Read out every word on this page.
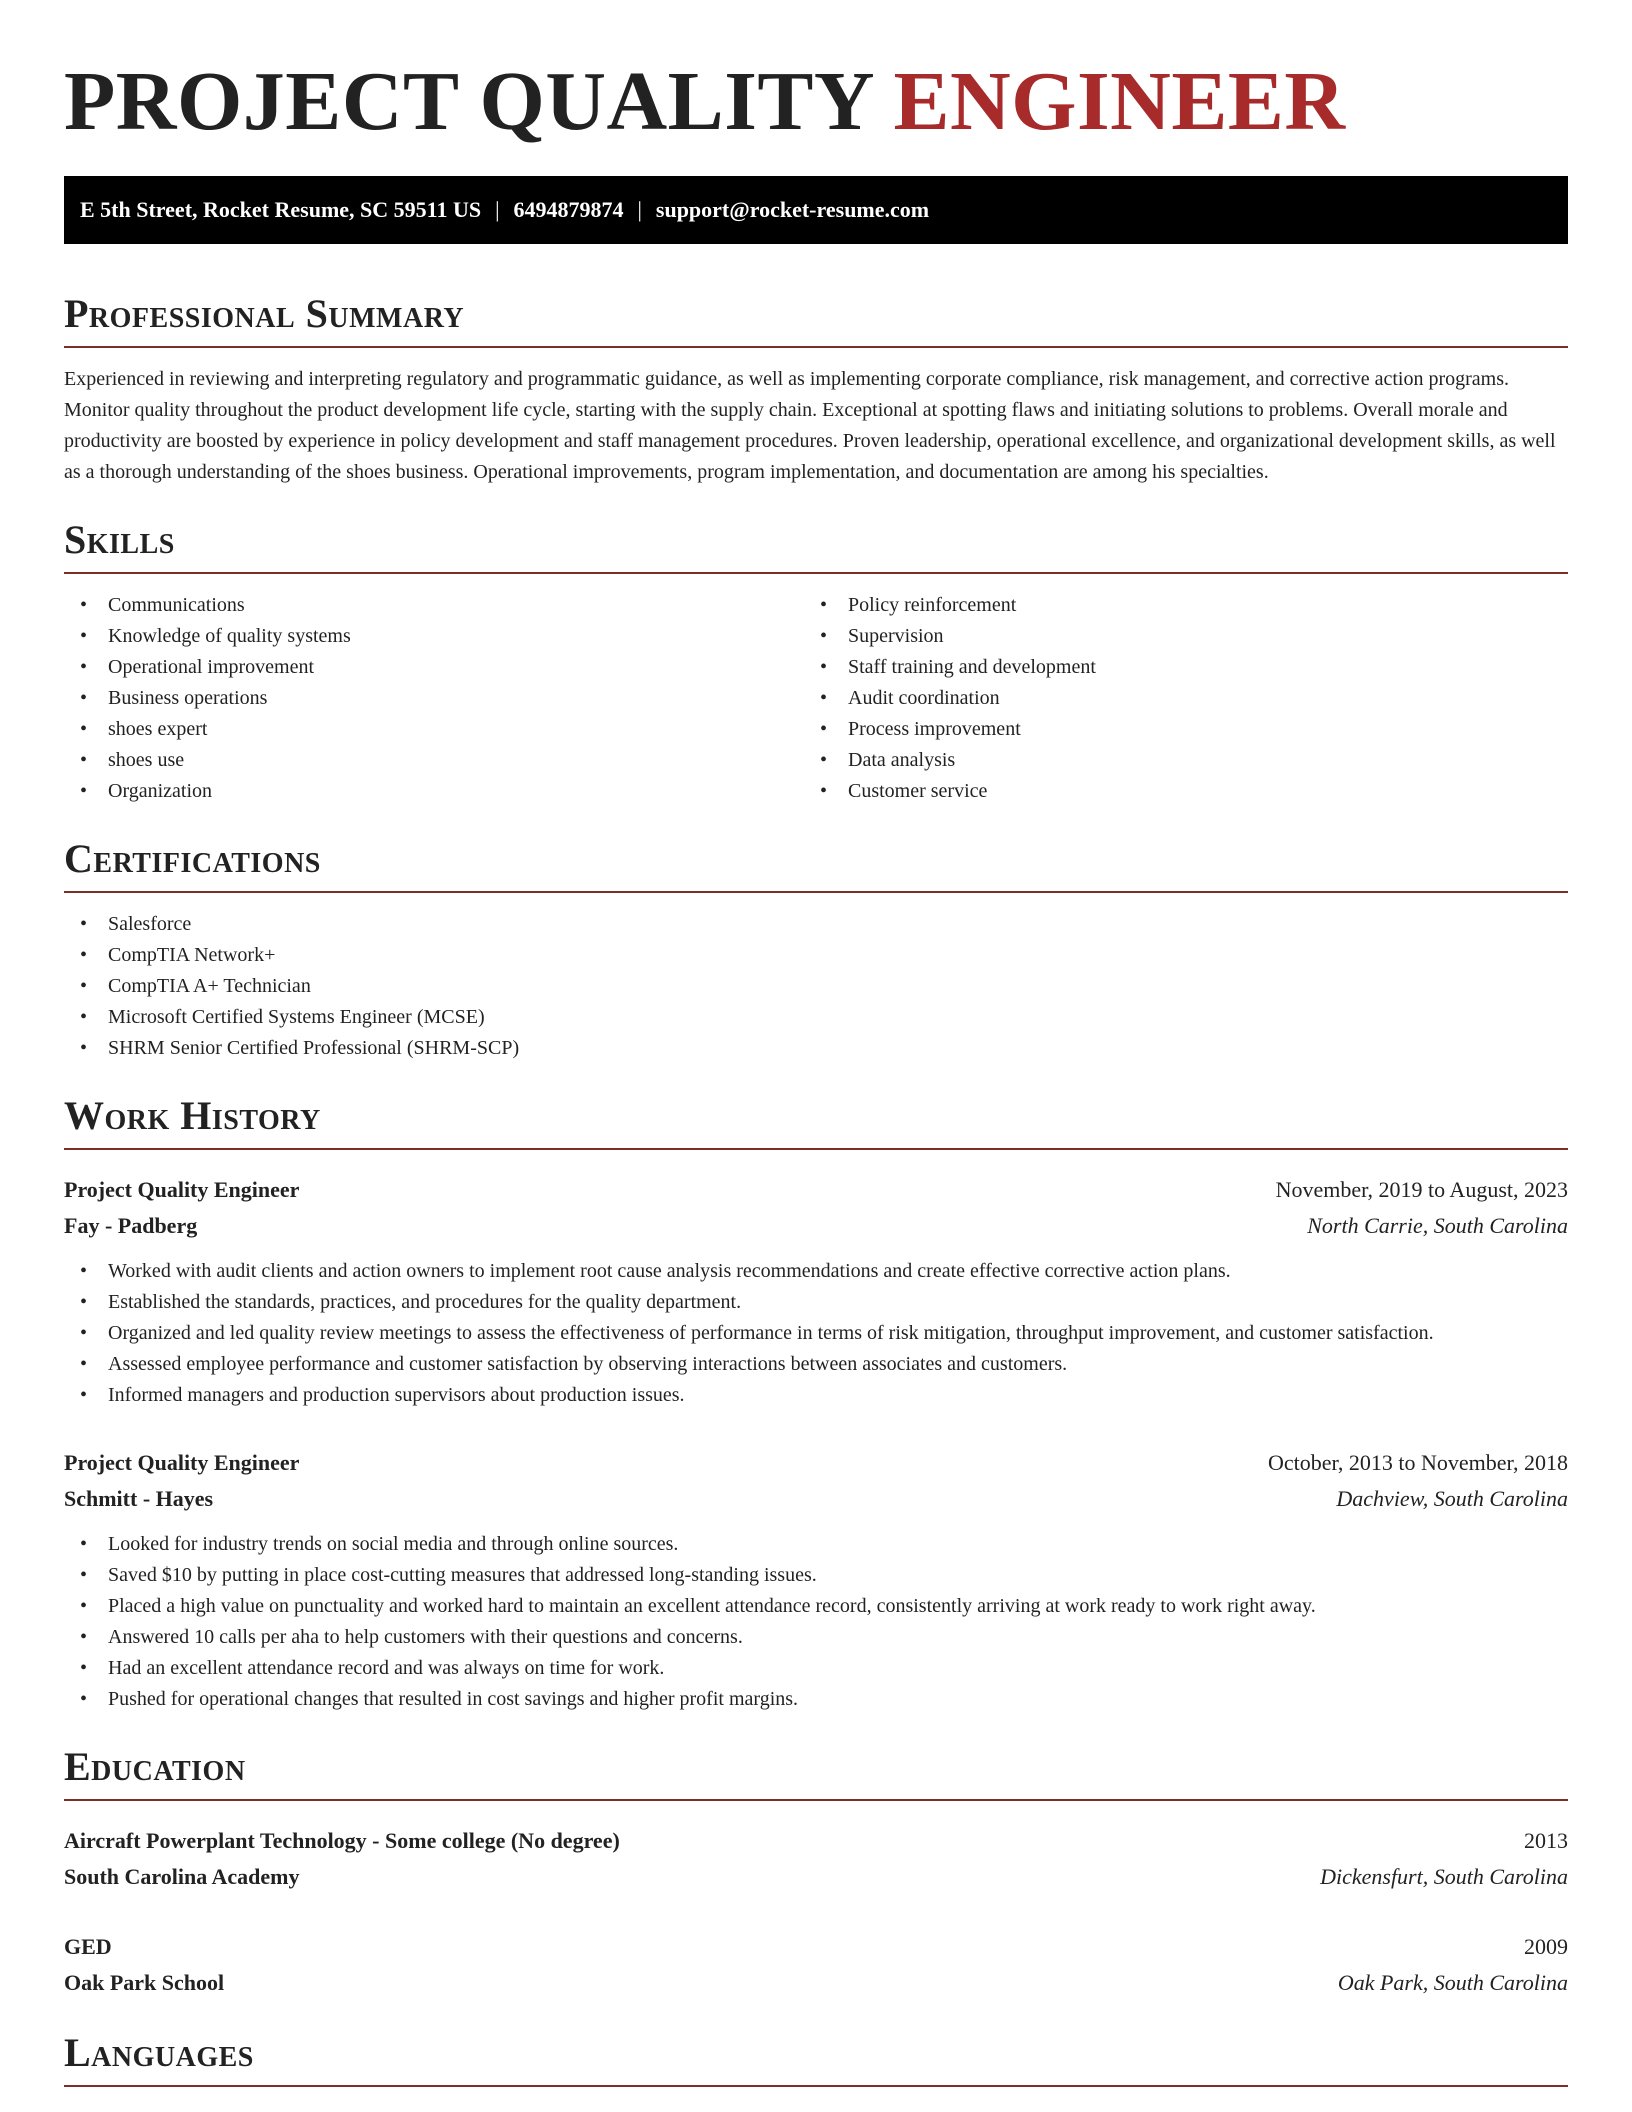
PROJECT QUALITY ENGINEER
E 5th Street, Rocket Resume, SC 59511 US | 6494879874 | support@rocket-resume.com
Professional Summary

Experienced in reviewing and interpreting regulatory and programmatic guidance, as well as implementing corporate compliance, risk management, and corrective action programs. Monitor quality throughout the product development life cycle, starting with the supply chain. Exceptional at spotting flaws and initiating solutions to problems. Overall morale and productivity are boosted by experience in policy development and staff management procedures. Proven leadership, operational excellence, and organizational development skills, as well as a thorough understanding of the shoes business. Operational improvements, program implementation, and documentation are among his specialties.

Skills
• Communications
• Knowledge of quality systems
• Operational improvement
• Business operations
• shoes expert
• shoes use
• Organization
• Policy reinforcement
• Supervision
• Staff training and development
• Audit coordination
• Process improvement
• Data analysis
• Customer service
Certifications
• Salesforce
• CompTIA Network+
• CompTIA A+ Technician
• Microsoft Certified Systems Engineer (MCSE)
• SHRM Senior Certified Professional (SHRM-SCP)
Work History
Project Quality Engineer	November, 2019 to August, 2023
Fay - Padberg	North Carrie, South Carolina
• Worked with audit clients and action owners to implement root cause analysis recommendations and create effective corrective action plans.
• Established the standards, practices, and procedures for the quality department.
• Organized and led quality review meetings to assess the effectiveness of performance in terms of risk mitigation, throughput improvement, and customer satisfaction.
• Assessed employee performance and customer satisfaction by observing interactions between associates and customers.
• Informed managers and production supervisors about production issues.
Project Quality Engineer	October, 2013 to November, 2018
Schmitt - Hayes	Dachview, South Carolina
• Looked for industry trends on social media and through online sources.
• Saved $10 by putting in place cost-cutting measures that addressed long-standing issues.
• Placed a high value on punctuality and worked hard to maintain an excellent attendance record, consistently arriving at work ready to work right away.
• Answered 10 calls per aha to help customers with their questions and concerns.
• Had an excellent attendance record and was always on time for work.
• Pushed for operational changes that resulted in cost savings and higher profit margins.
Education
Aircraft Powerplant Technology - Some college (No degree)	2013
South Carolina Academy	Dickensfurt, South Carolina
GED	2009
Oak Park School	Oak Park, South Carolina
Languages
